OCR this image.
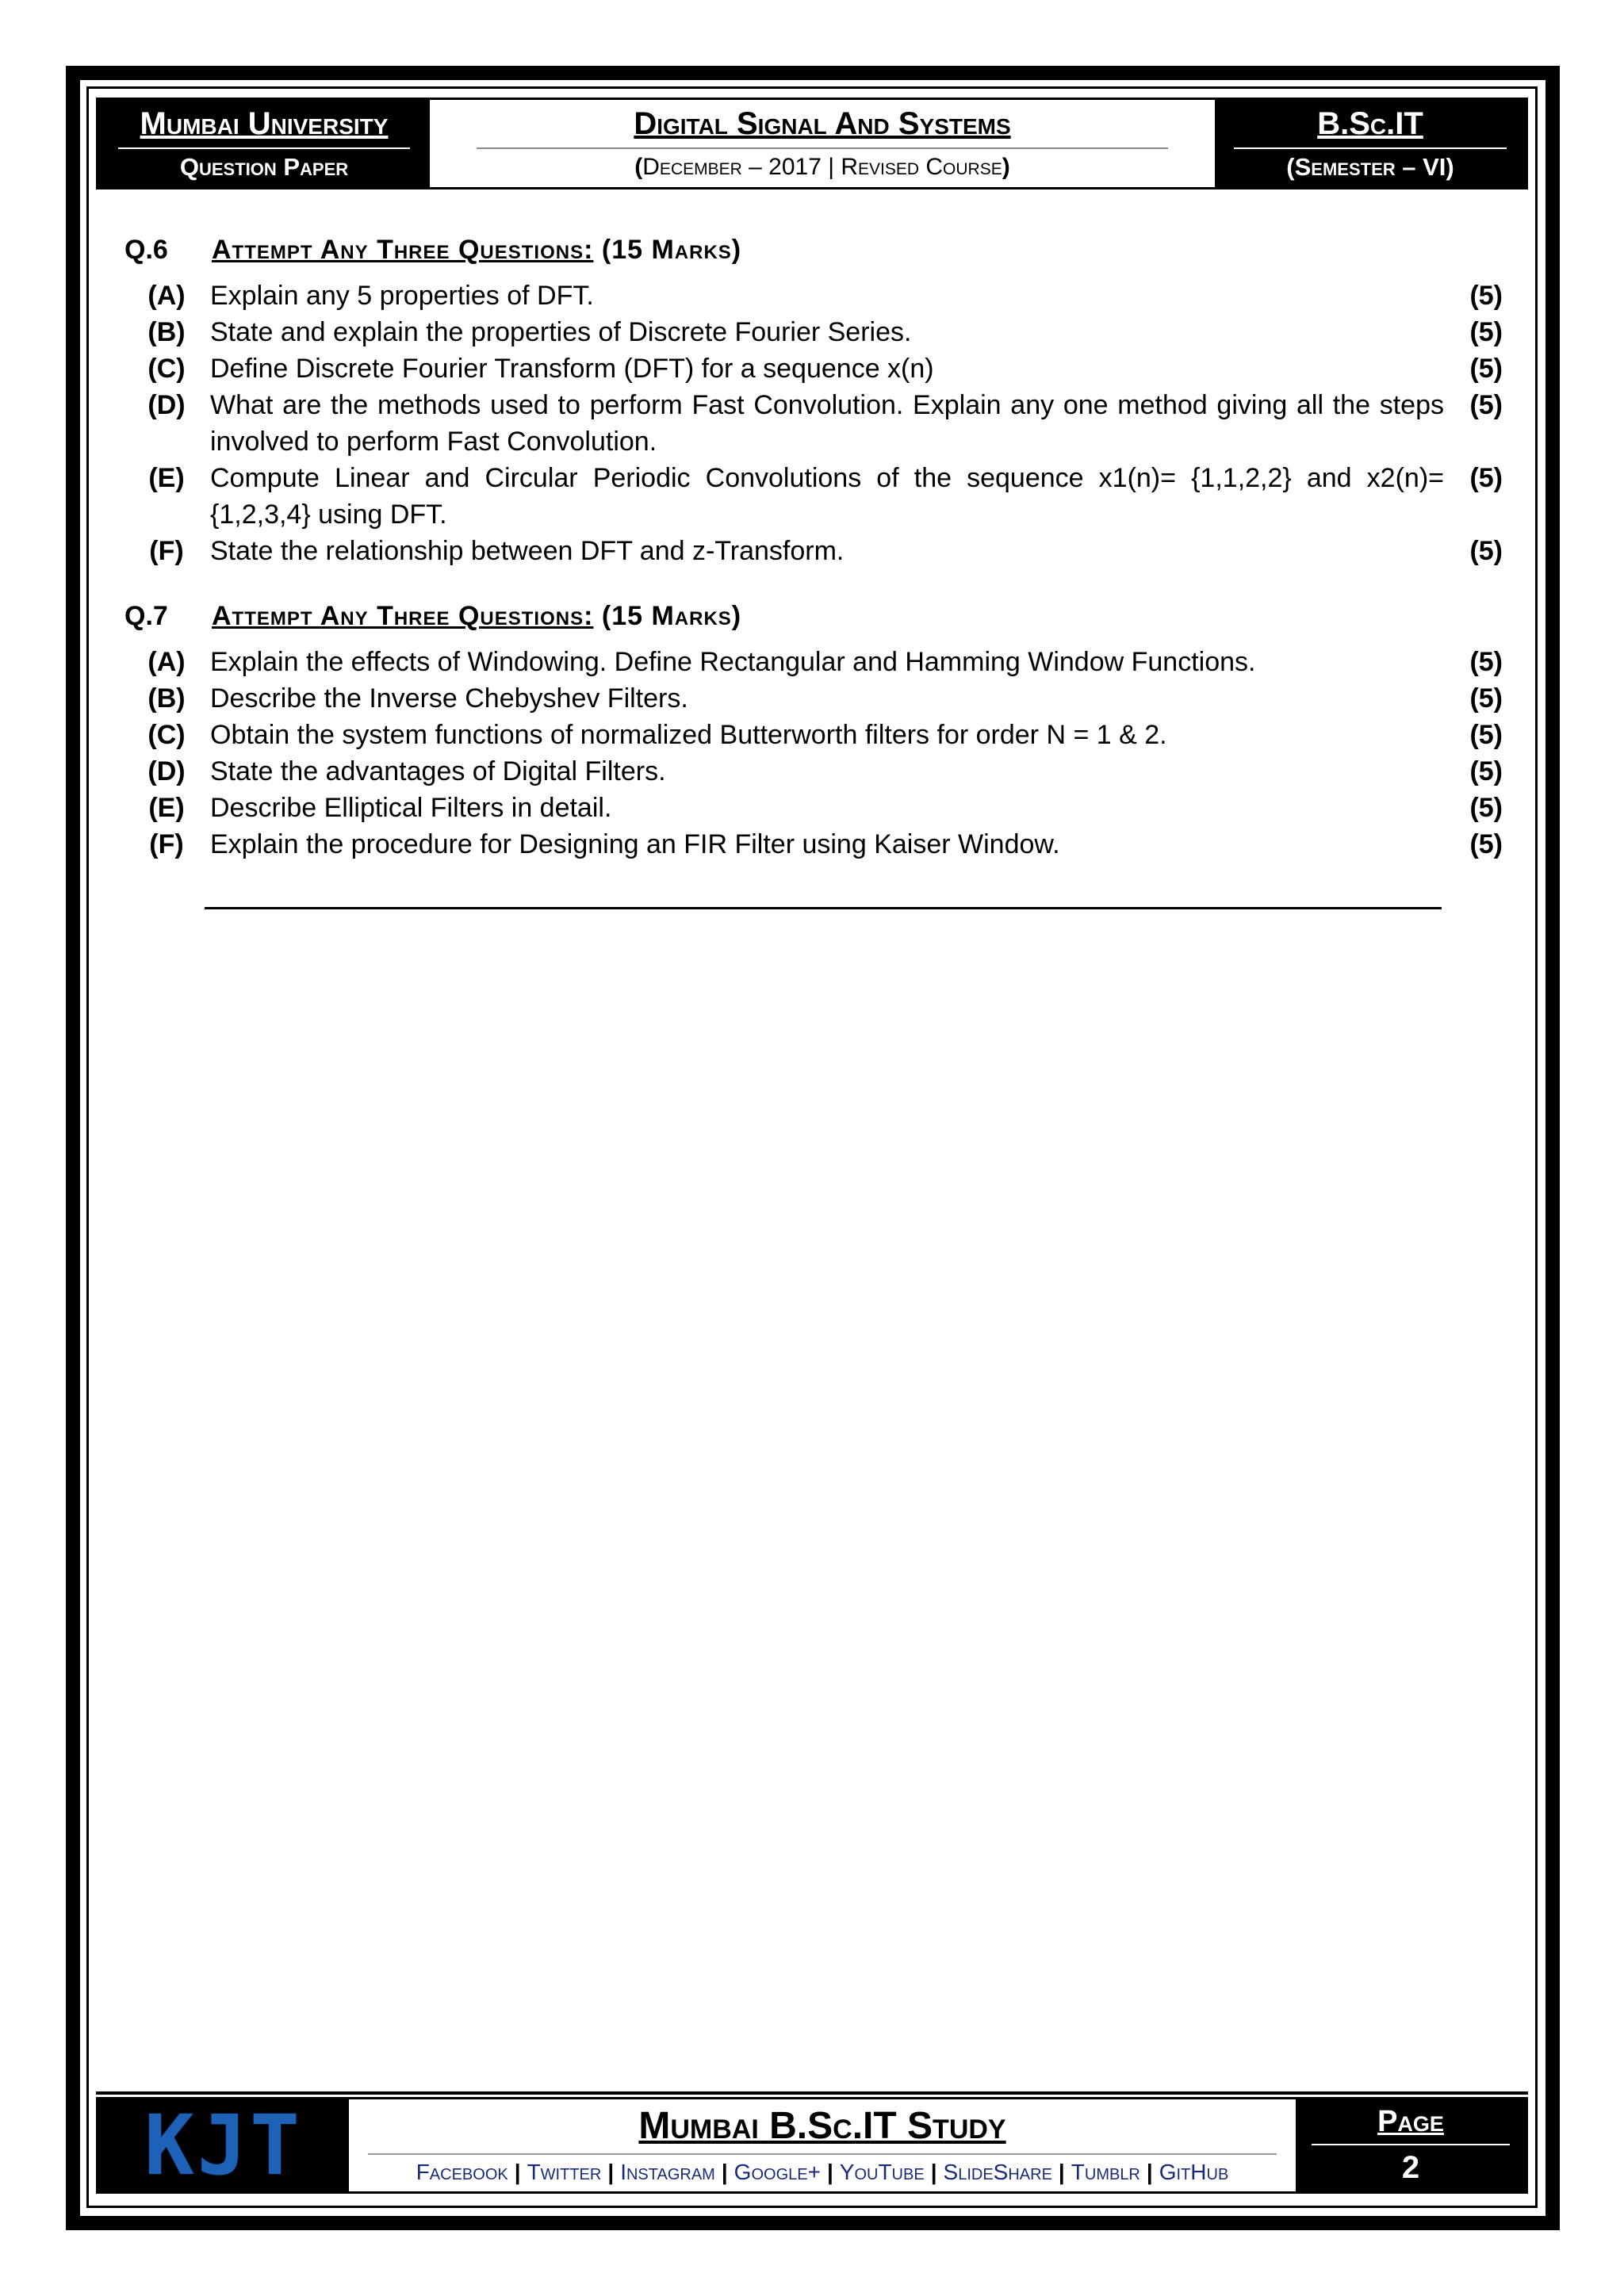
Mumbai University
Question Paper
Digital Signal And Systems
(December – 2017 | Revised Course)
B.Sc.IT
(Semester – VI)
Q.6	Attempt Any Three Questions: (15 Marks)
(A) Explain any 5 properties of DFT.	(5)
(B) State and explain the properties of Discrete Fourier Series.	(5)
(C) Define Discrete Fourier Transform (DFT) for a sequence x(n)	(5)
(D) What are the methods used to perform Fast Convolution. Explain any one method giving all the steps involved to perform Fast Convolution.
(5)
(E) Compute Linear and Circular Periodic Convolutions of the sequence x1(n)= {1,1,2,2} and x2(n)= {1,2,3,4} using DFT.
(5)
(F) State the relationship between DFT and z-Transform.	(5)
Q.7	Attempt Any Three Questions: (15 Marks)
(A) Explain the effects of Windowing. Define Rectangular and Hamming Window Functions.	(5)
(B) Describe the Inverse Chebyshev Filters.	(5)
(C) Obtain the system functions of normalized Butterworth filters for order N = 1 & 2.	(5)
(D) State the advantages of Digital Filters.	(5)
(E) Describe Elliptical Filters in detail.	(5)
(F) Explain the procedure for Designing an FIR Filter using Kaiser Window.	(5)
KJT	Mumbai B.Sc.IT Study
Facebook | Twitter | Instagram | Google+ | YouTube | SlideShare | Tumblr | GitHub
Page
2
